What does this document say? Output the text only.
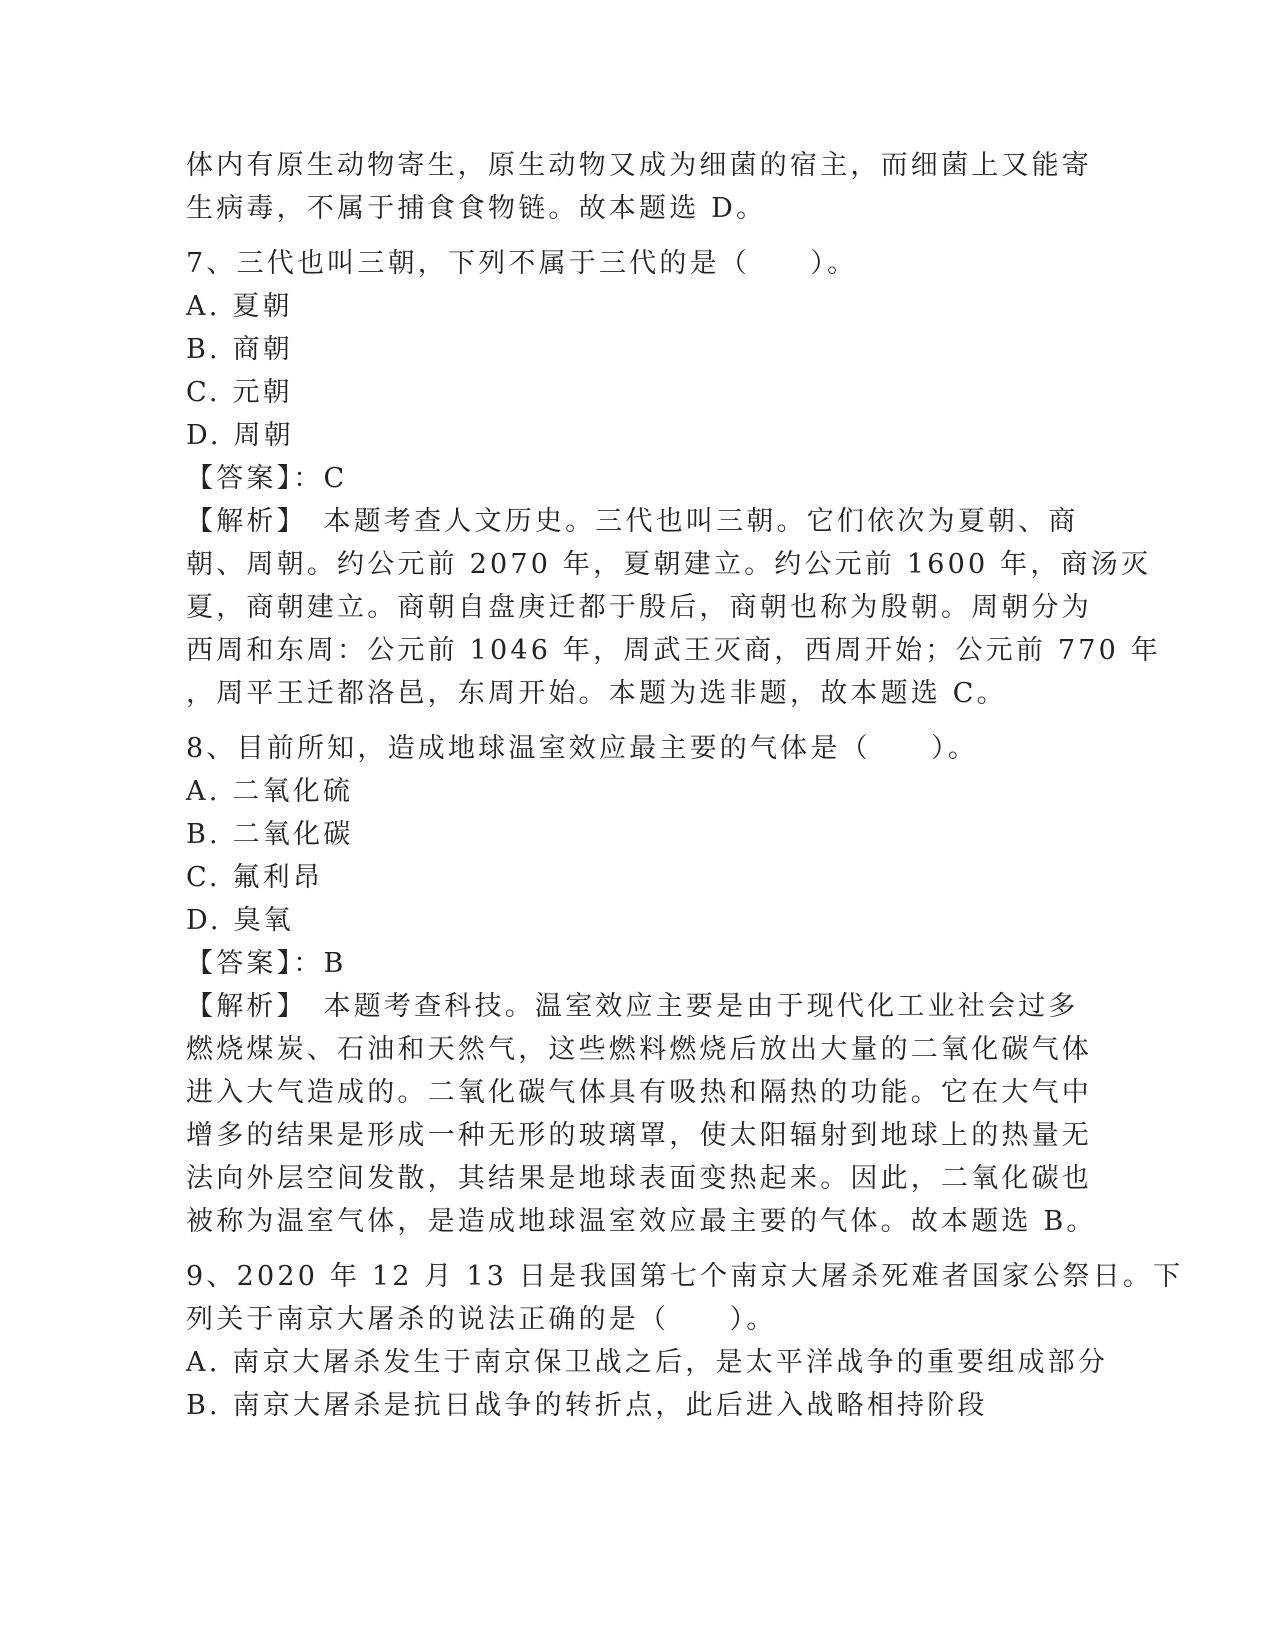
体内有原生动物寄生，原生动物又成为细菌的宿主，而细菌上又能寄
生病毒，不属于捕食食物链。故本题选 D。
7、三代也叫三朝，下列不属于三代的是（　　）。
A. 夏朝
B. 商朝
C. 元朝
D. 周朝
【答案】：C
【解析】　本题考查人文历史。三代也叫三朝。它们依次为夏朝、商
朝、周朝。约公元前 2070 年，夏朝建立。约公元前 1600 年，商汤灭
夏，商朝建立。商朝自盘庚迁都于殷后，商朝也称为殷朝。周朝分为
西周和东周：公元前 1046 年，周武王灭商，西周开始；公元前 770 年
，周平王迁都洛邑，东周开始。本题为选非题，故本题选 C。
8、目前所知，造成地球温室效应最主要的气体是（　　）。
A. 二氧化硫
B. 二氧化碳
C. 氟利昂
D. 臭氧
【答案】：B
【解析】　本题考查科技。温室效应主要是由于现代化工业社会过多
燃烧煤炭、石油和天然气，这些燃料燃烧后放出大量的二氧化碳气体
进入大气造成的。二氧化碳气体具有吸热和隔热的功能。它在大气中
增多的结果是形成一种无形的玻璃罩，使太阳辐射到地球上的热量无
法向外层空间发散，其结果是地球表面变热起来。因此，二氧化碳也
被称为温室气体，是造成地球温室效应最主要的气体。故本题选 B。
9、2020 年 12 月 13 日是我国第七个南京大屠杀死难者国家公祭日。下
列关于南京大屠杀的说法正确的是（　　）。
A. 南京大屠杀发生于南京保卫战之后，是太平洋战争的重要组成部分
B. 南京大屠杀是抗日战争的转折点，此后进入战略相持阶段
